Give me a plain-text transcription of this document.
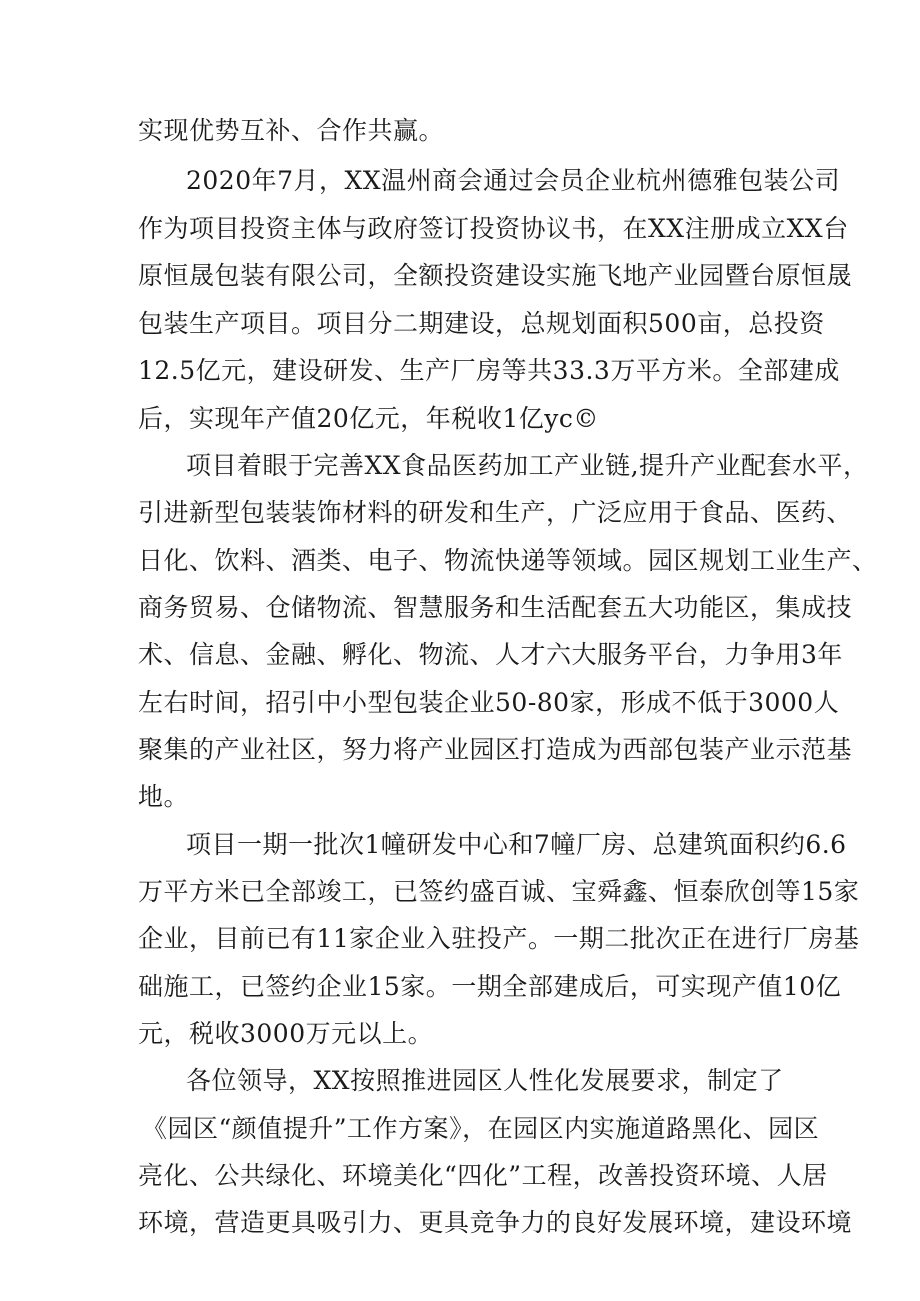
实现优势互补、合作共赢。
2020年7月，XX温州商会通过会员企业杭州德雅包装公司
作为项目投资主体与政府签订投资协议书，在XX注册成立XX台
原恒晟包装有限公司，全额投资建设实施飞地产业园暨台原恒晟
包装生产项目。项目分二期建设，总规划面积500亩，总投资
12.5亿元，建设研发、生产厂房等共33.3万平方米。全部建成
后，实现年产值20亿元，年税收1亿yc©
项目着眼于完善XX食品医药加工产业链,提升产业配套水平，
引进新型包装装饰材料的研发和生产，广泛应用于食品、医药、
日化、饮料、酒类、电子、物流快递等领域。园区规划工业生产、
商务贸易、仓储物流、智慧服务和生活配套五大功能区，集成技
术、信息、金融、孵化、物流、人才六大服务平台，力争用3年
左右时间，招引中小型包装企业50-80家，形成不低于3000人
聚集的产业社区，努力将产业园区打造成为西部包装产业示范基
地。
项目一期一批次1幢研发中心和7幢厂房、总建筑面积约6.6
万平方米已全部竣工，已签约盛百诚、宝舜鑫、恒泰欣创等15家
企业，目前已有11家企业入驻投产。一期二批次正在进行厂房基
础施工，已签约企业15家。一期全部建成后，可实现产值10亿
元，税收3000万元以上。
各位领导，XX按照推进园区人性化发展要求，制定了
《园区“颜值提升”工作方案》，在园区内实施道路黑化、园区
亮化、公共绿化、环境美化“四化”工程，改善投资环境、人居
环境，营造更具吸引力、更具竞争力的良好发展环境，建设环境
